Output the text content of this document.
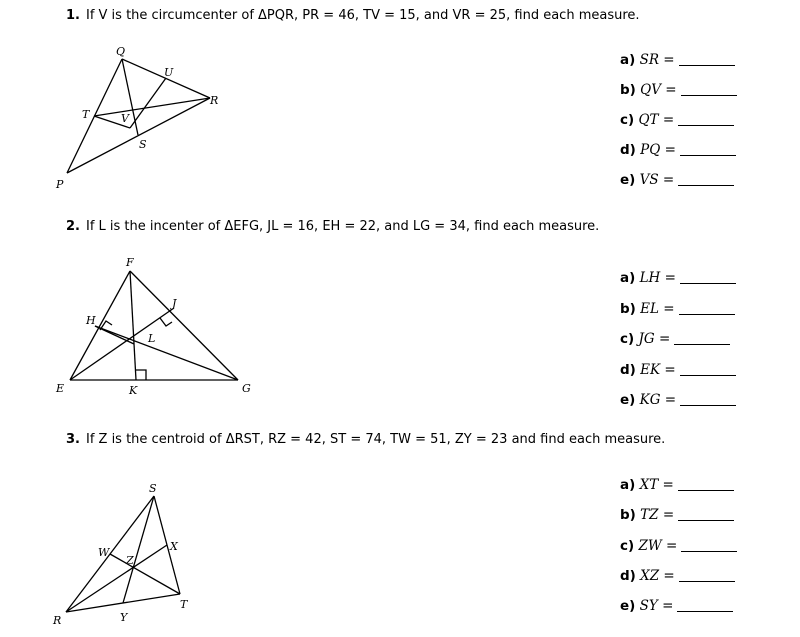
1. If V is the circumcenter of ΔPQR, PR = 46, TV = 15, and VR = 25, find each measure.
Q
U
R
T	V
S
P
a) SR =
b) QV =
c) QT =
d) PQ =
e) VS =
2. If L is the incenter of ΔEFG, JL = 16, EH = 22, and LG = 34, find each measure.
F
J
H
L
E	K	G
a) LH =
b) EL =
c) JG =
d) EK =
e) KG =
3. If Z is the centroid of ΔRST, RZ = 42, ST = 74, TW = 51, ZY = 23 and find each measure.
S
W	X
Z
R	Y
T
a) XT =
b) TZ =
c) ZW =
d) XZ =
e) SY =
